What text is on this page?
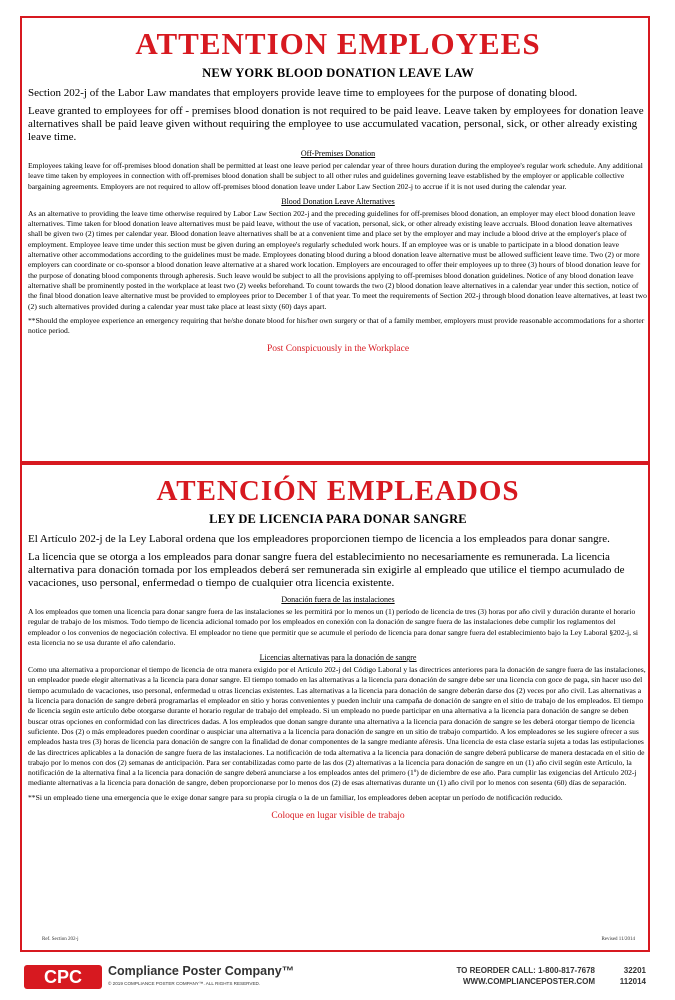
ATTENTION EMPLOYEES
NEW YORK BLOOD DONATION LEAVE LAW

Section 202-j of the Labor Law mandates that employers provide leave time to employees for the purpose of donating blood.

Leave granted to employees for off - premises blood donation is not required to be paid leave. Leave taken by employees for donation leave alternatives shall be paid leave given without requiring the employee to use accumulated vacation, personal, sick, or other already existing leave time.

Off-Premises Donation

Employees taking leave for off-premises blood donation shall be permitted at least one leave period per calendar year of three hours duration during the employee's regular work schedule. Any additional leave time taken by employees in connection with off-premises blood donation shall be subject to all other rules and guidelines governing leave established by the employer or applicable collective bargaining agreements. Employers are not required to allow off-premises blood donation leave under Labor Law Section 202-j to accrue if it is not used during the calendar year.

Blood Donation Leave Alternatives

As an alternative to providing the leave time otherwise required by Labor Law Section 202-j and the preceding guidelines for off-premises blood donation, an employer may elect blood donation leave alternatives. Time taken for blood donation leave alternatives must be paid leave, without the use of vacation, personal, sick, or other already existing leave accruals. Blood donation leave alternatives shall be given two (2) times per calendar year. Blood donation leave alternatives shall be at a convenient time and place set by the employer and may include a blood drive at the employer's place of employment. Employee leave time under this section must be given during an employee's regularly scheduled work hours. If an employee was or is unable to participate in a blood donation leave alternative other accommodations according to the guidelines must be made. Employees donating blood during a blood donation leave alternative must be allowed sufficient leave time. Two (2) or more employers can coordinate or co-sponsor a blood donation leave alternative at a shared work location. Employers are encouraged to offer their employees up to three (3) hours of blood donation leave for the purpose of donating blood components through apheresis. Such leave would be subject to all the provisions applying to off-premises blood donation guidelines. Notice of any blood donation leave alternative shall be prominently posted in the workplace at least two (2) weeks beforehand. To count towards the two (2) blood donation leave alternatives in a calendar year under this section, notice of the final blood donation leave alternative must be provided to employees prior to December 1 of that year. To meet the requirements of Section 202-j through blood donation leave alternatives, at least two (2) such alternatives provided during a calendar year must take place at least sixty (60) days apart.

**Should the employee experience an emergency requiring that he/she donate blood for his/her own surgery or that of a family member, employers must provide reasonable accommodations for a shorter notice period.

Post Conspicuously in the Workplace
ATENCIÓN EMPLEADOS
LEY DE LICENCIA PARA DONAR SANGRE

El Artículo 202-j de la Ley Laboral ordena que los empleadores proporcionen tiempo de licencia a los empleados para donar sangre.

La licencia que se otorga a los empleados para donar sangre fuera del establecimiento no necesariamente es remunerada. La licencia alternativa para donación tomada por los empleados deberá ser remunerada sin exigirle al empleado que utilice el tiempo acumulado de vacaciones, uso personal, enfermedad o tiempo de cualquier otra licencia existente.

Donación fuera de las instalaciones

A los empleados que tomen una licencia para donar sangre fuera de las instalaciones se les permitirá por lo menos un (1) período de licencia de tres (3) horas por año civil y duración durante el horario regular de trabajo de los mismos. Todo tiempo de licencia adicional tomado por los empleados en conexión con la donación de sangre fuera de las instalaciones debe cumplir los reglamentos del empleador o los convenios de negociación colectiva. El empleador no tiene que permitir que se acumule el período de licencia para donar sangre fuera del establecimiento bajo la Ley Laboral §202-j, si esta licencia no se usa durante el año calendario.

Licencias alternativas para la donación de sangre

Como una alternativa a proporcionar el tiempo de licencia de otra manera exigido por el Artículo 202-j del Código Laboral y las directrices anteriores para la donación de sangre fuera de las instalaciones, un empleador puede elegir alternativas a la licencia para donar sangre. El tiempo tomado en las alternativas a la licencia para donación de sangre debe ser una licencia con goce de paga, sin hacer uso del tiempo acumulado de vacaciones, uso personal, enfermedad u otras licencias existentes. Las alternativas a la licencia para donación de sangre deberán darse dos (2) veces por año civil. Las alternativas a la licencia para donación de sangre deberá programarlas el empleador en sitio y horas convenientes y pueden incluir una campaña de donación de sangre en el sitio de trabajo de los empleados. El tiempo de licencia según este artículo debe otorgarse durante el horario regular de trabajo del empleado. Si un empleado no puede participar en una alternativa a la licencia para donación de sangre se deben buscar otras opciones en conformidad con las directrices dadas. A los empleados que donan sangre durante una alternativa a la licencia para donación de sangre se les deberá otorgar tiempo de licencia suficiente. Dos (2) o más empleadores pueden coordinar o auspiciar una alternativa a la licencia para donación de sangre en un sitio de trabajo compartido. A los empleadores se les sugiere ofrecer a sus empleados hasta tres (3) horas de licencia para donación de sangre con la finalidad de donar componentes de la sangre mediante aféresis. Una licencia de esta clase estaría sujeta a todas las estipulaciones de las directrices aplicables a la donación de sangre fuera de las instalaciones. La notificación de toda alternativa a la licencia para donación de sangre deberá publicarse de manera destacada en el sitio de trabajo por lo menos con dos (2) semanas de anticipación. Para ser contabilizadas como parte de las dos (2) alternativas a la licencia para donación de sangre en un (1) año civil según este Artículo, la notificación de la alternativa final a la licencia para donación de sangre deberá anunciarse a los empleados antes del primero (1º) de diciembre de ese año. Para cumplir las exigencias del Artículo 202-j mediante alternativas a la licencia para donación de sangre, deben proporcionarse por lo menos dos (2) de esas alternativas durante un (1) año civil por lo menos con sesenta (60) días de separación.

**Si un empleado tiene una emergencia que le exige donar sangre para su propia cirugía o la de un familiar, los empleadores deben aceptar un período de notificación reducido.

Coloque en lugar visible de trabajo
Ref. Section 202-j	Revised 11/2014
CPC Compliance Poster Company™
© 2019 COMPLIANCE POSTER COMPANY™. ALL RIGHTS RESERVED.
TO REORDER CALL: 1-800-817-7678
WWW.COMPLIANCEPOSTER.COM
32201
112014
